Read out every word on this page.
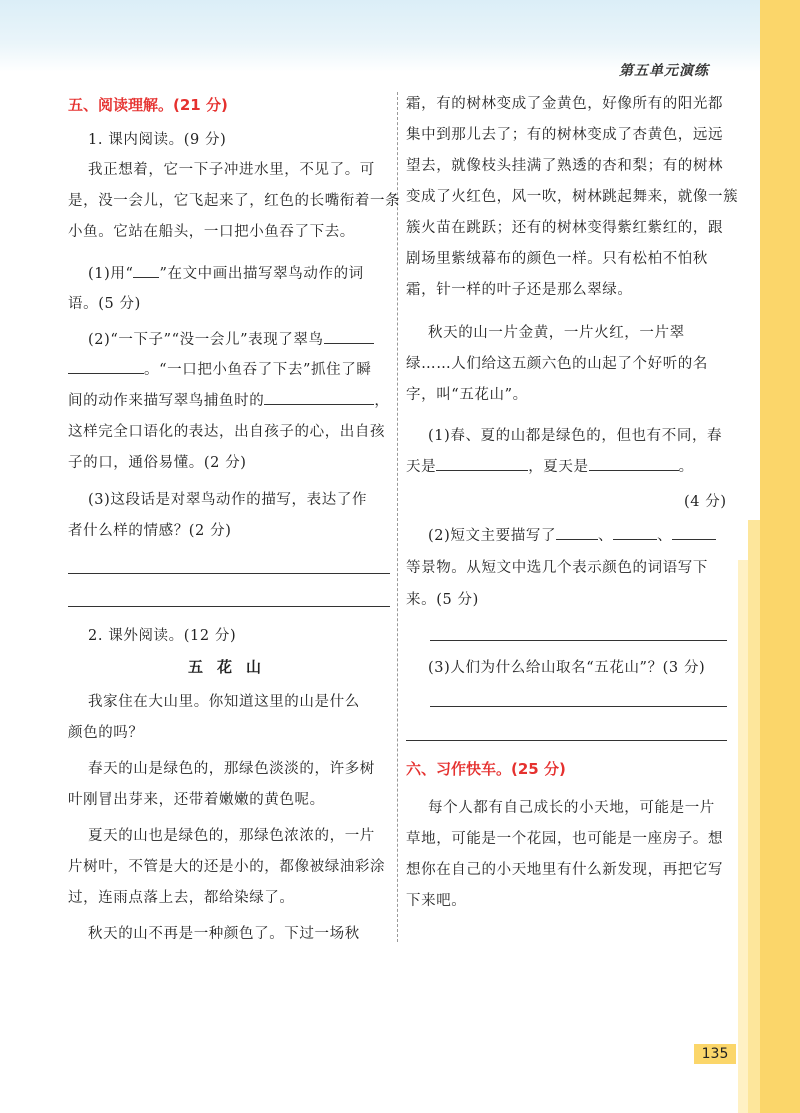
第五单元演练
五、阅读理解。(21 分)
1. 课内阅读。(9 分)
我正想着，它一下子冲进水里，不见了。可
是，没一会儿，它飞起来了，红色的长嘴衔着一条
小鱼。它站在船头，一口把小鱼吞了下去。
(1)用“ ”在文中画出描写翠鸟动作的词
语。(5 分)
(2)“一下子”“没一会儿”表现了翠鸟
。“一口把小鱼吞了下去”抓住了瞬
间的动作来描写翠鸟捕鱼时的	，
这样完全口语化的表达，出自孩子的心，出自孩
子的口，通俗易懂。(2 分)
(3)这段话是对翠鸟动作的描写，表达了作
者什么样的情感？(2 分)
2. 课外阅读。(12 分)
五花山
我家住在大山里。你知道这里的山是什么
颜色的吗？
春天的山是绿色的，那绿色淡淡的，许多树
叶刚冒出芽来，还带着嫩嫩的黄色呢。
夏天的山也是绿色的，那绿色浓浓的，一片
片树叶，不管是大的还是小的，都像被绿油彩涂
过，连雨点落上去，都给染绿了。
秋天的山不再是一种颜色了。下过一场秋
霜，有的树林变成了金黄色，好像所有的阳光都
集中到那儿去了；有的树林变成了杏黄色，远远
望去，就像枝头挂满了熟透的杏和梨；有的树林
变成了火红色，风一吹，树林跳起舞来，就像一簇
簇火苗在跳跃；还有的树林变得紫红紫红的，跟
剧场里紫绒幕布的颜色一样。只有松柏不怕秋
霜，针一样的叶子还是那么翠绿。
秋天的山一片金黄，一片火红，一片翠
绿……人们给这五颜六色的山起了个好听的名
字，叫“五花山”。
(1)春、夏的山都是绿色的，但也有不同，春
天是	，夏天是	。
(4 分)
(2)短文主要描写了	、	、
等景物。从短文中选几个表示颜色的词语写下
来。(5 分)
(3)人们为什么给山取名“五花山”？(3 分)
六、习作快车。(25 分)
每个人都有自己成长的小天地，可能是一片
草地，可能是一个花园，也可能是一座房子。想
想你在自己的小天地里有什么新发现，再把它写
下来吧。
135
